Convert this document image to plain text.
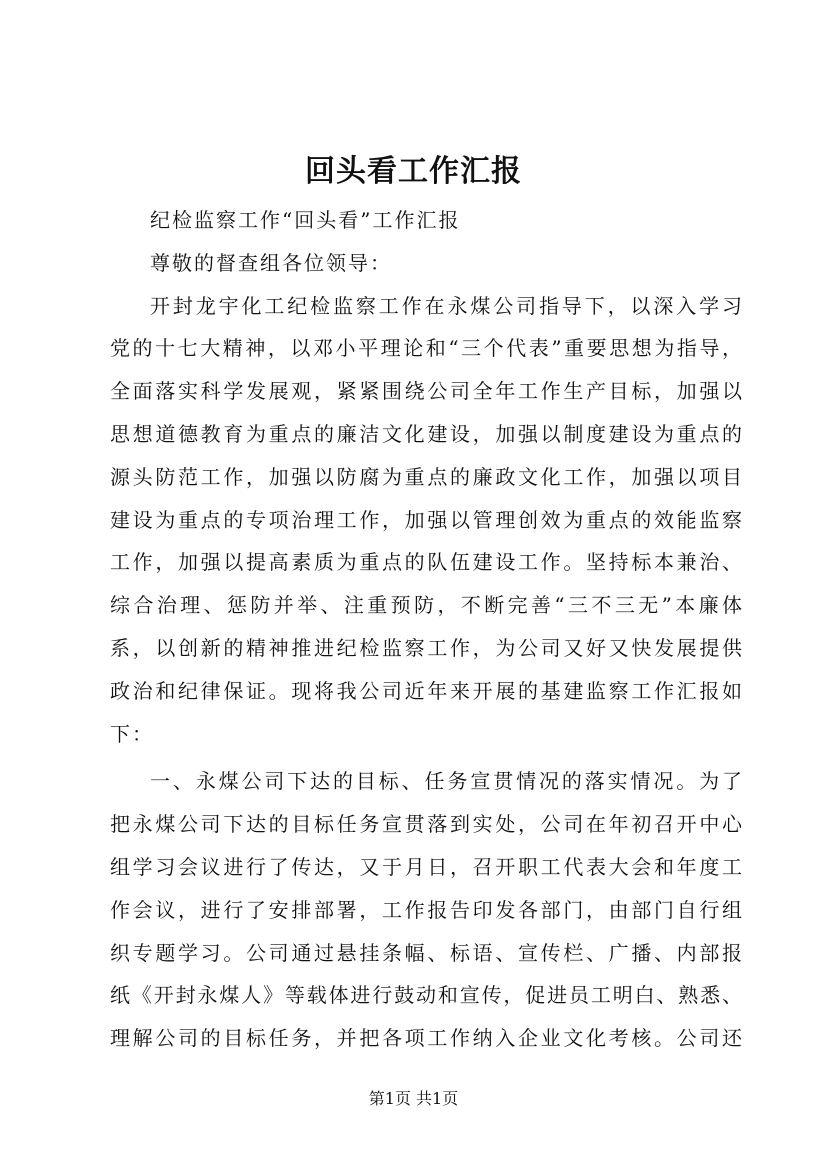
回头看工作汇报
纪检监察工作“回头看”工作汇报
尊敬的督查组各位领导：
开封龙宇化工纪检监察工作在永煤公司指导下，以深入学习
党的十七大精神，以邓小平理论和“三个代表”重要思想为指导，
全面落实科学发展观，紧紧围绕公司全年工作生产目标，加强以
思想道德教育为重点的廉洁文化建设，加强以制度建设为重点的
源头防范工作，加强以防腐为重点的廉政文化工作，加强以项目
建设为重点的专项治理工作，加强以管理创效为重点的效能监察
工作，加强以提高素质为重点的队伍建设工作。坚持标本兼治、
综合治理、惩防并举、注重预防，不断完善“三不三无”本廉体
系，以创新的精神推进纪检监察工作，为公司又好又快发展提供
政治和纪律保证。现将我公司近年来开展的基建监察工作汇报如
下：
一、永煤公司下达的目标、任务宣贯情况的落实情况。为了
把永煤公司下达的目标任务宣贯落到实处，公司在年初召开中心
组学习会议进行了传达，又于月日，召开职工代表大会和年度工
作会议，进行了安排部署，工作报告印发各部门，由部门自行组
织专题学习。公司通过悬挂条幅、标语、宣传栏、广播、内部报
纸《开封永煤人》等载体进行鼓动和宣传，促进员工明白、熟悉、
理解公司的目标任务，并把各项工作纳入企业文化考核。公司还
第1页 共1页
